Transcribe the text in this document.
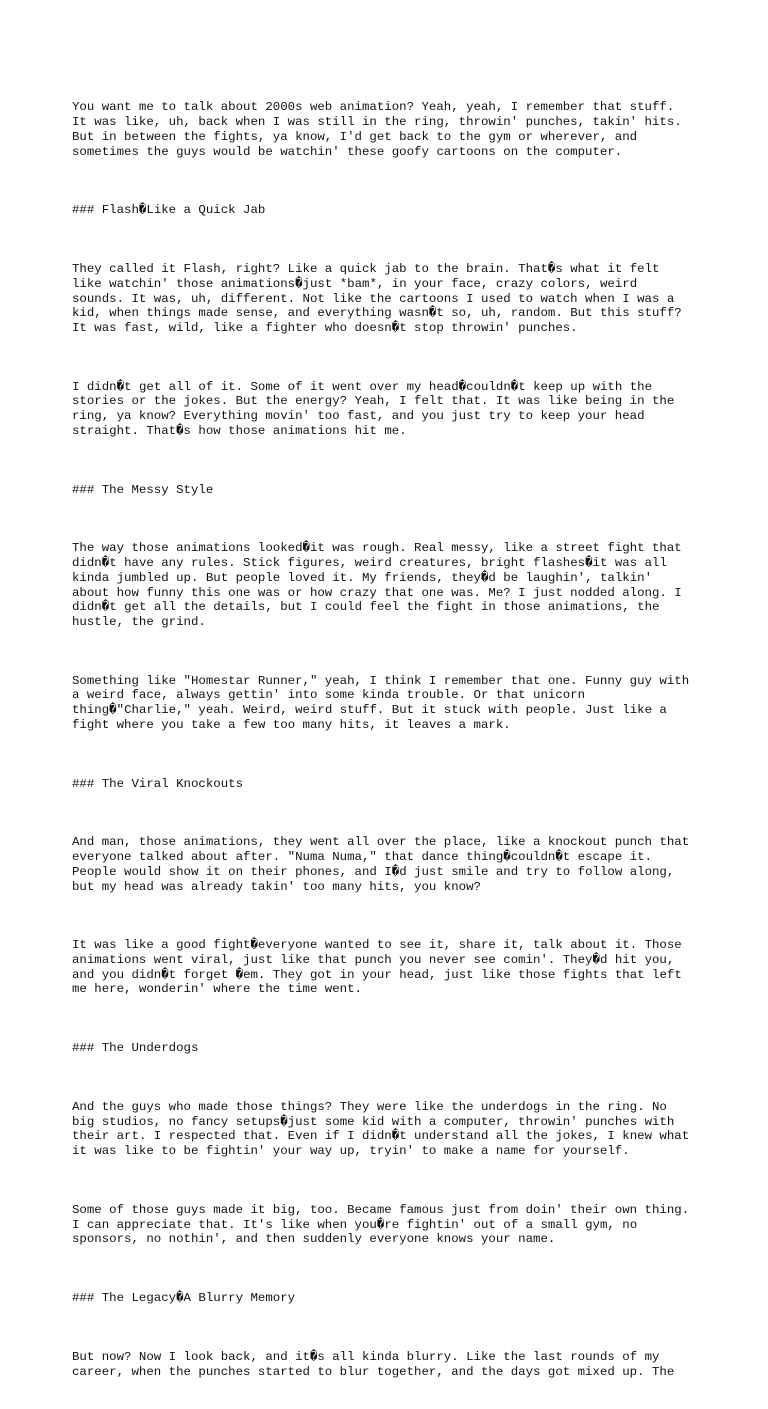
You want me to talk about 2000s web animation? Yeah, yeah, I remember that stuff.
It was like, uh, back when I was still in the ring, throwin' punches, takin' hits.
But in between the fights, ya know, I'd get back to the gym or wherever, and
sometimes the guys would be watchin' these goofy cartoons on the computer.

### Flash�Like a Quick Jab

They called it Flash, right? Like a quick jab to the brain. That�s what it felt
like watchin' those animations�just *bam*, in your face, crazy colors, weird
sounds. It was, uh, different. Not like the cartoons I used to watch when I was a
kid, when things made sense, and everything wasn�t so, uh, random. But this stuff?
It was fast, wild, like a fighter who doesn�t stop throwin' punches.

I didn�t get all of it. Some of it went over my head�couldn�t keep up with the
stories or the jokes. But the energy? Yeah, I felt that. It was like being in the
ring, ya know? Everything movin' too fast, and you just try to keep your head
straight. That�s how those animations hit me.

### The Messy Style

The way those animations looked�it was rough. Real messy, like a street fight that
didn�t have any rules. Stick figures, weird creatures, bright flashes�it was all
kinda jumbled up. But people loved it. My friends, they�d be laughin', talkin'
about how funny this one was or how crazy that one was. Me? I just nodded along. I
didn�t get all the details, but I could feel the fight in those animations, the
hustle, the grind.

Something like "Homestar Runner," yeah, I think I remember that one. Funny guy with
a weird face, always gettin' into some kinda trouble. Or that unicorn
thing�"Charlie," yeah. Weird, weird stuff. But it stuck with people. Just like a
fight where you take a few too many hits, it leaves a mark.

### The Viral Knockouts

And man, those animations, they went all over the place, like a knockout punch that
everyone talked about after. "Numa Numa," that dance thing�couldn�t escape it.
People would show it on their phones, and I�d just smile and try to follow along,
but my head was already takin' too many hits, you know?

It was like a good fight�everyone wanted to see it, share it, talk about it. Those
animations went viral, just like that punch you never see comin'. They�d hit you,
and you didn�t forget �em. They got in your head, just like those fights that left
me here, wonderin' where the time went.

### The Underdogs

And the guys who made those things? They were like the underdogs in the ring. No
big studios, no fancy setups�just some kid with a computer, throwin' punches with
their art. I respected that. Even if I didn�t understand all the jokes, I knew what
it was like to be fightin' your way up, tryin' to make a name for yourself.

Some of those guys made it big, too. Became famous just from doin' their own thing.
I can appreciate that. It's like when you�re fightin' out of a small gym, no
sponsors, no nothin', and then suddenly everyone knows your name.

### The Legacy�A Blurry Memory

But now? Now I look back, and it�s all kinda blurry. Like the last rounds of my
career, when the punches started to blur together, and the days got mixed up. The
